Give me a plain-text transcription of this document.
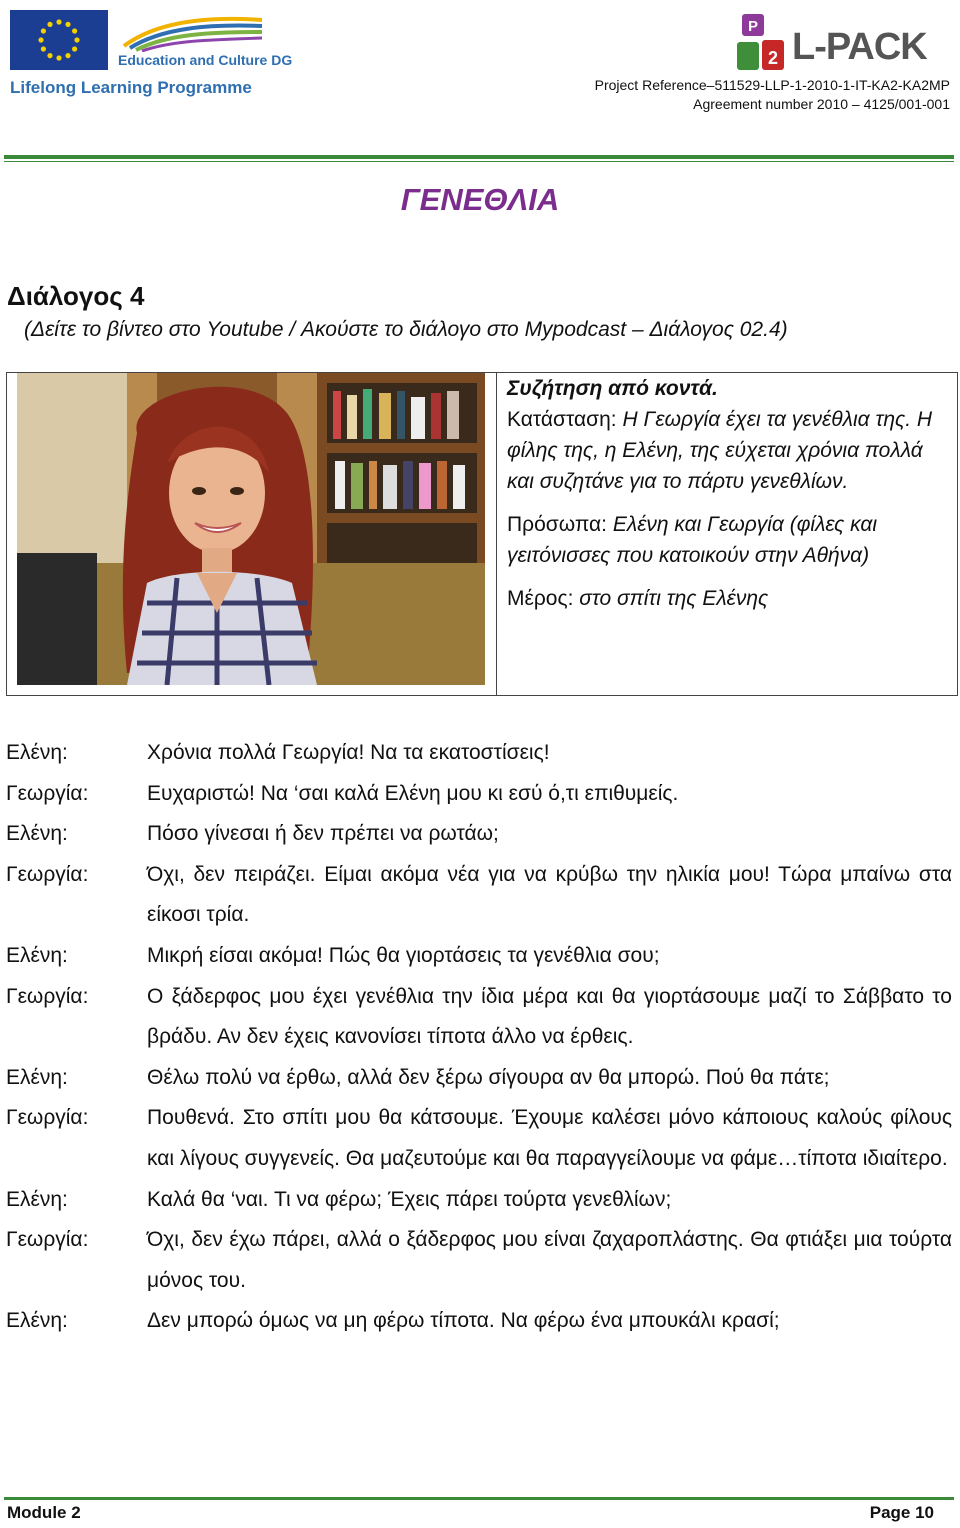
Education and Culture DG
Lifelong Learning Programme
P
2 L-PACK
Project Reference–511529-LLP-1-2010-1-IT-KA2-KA2MP
Agreement number 2010 – 4125/001-001
ΓΕΝΕΘΛΙΑ
Διάλογος 4
(Δείτε το βίντεο στο Youtube / Ακούστε το διάλογο στο Mypodcast – Διάλογος 02.4)

Συζήτηση από κοντά.

Κατάσταση: Η Γεωργία έχει τα γενέθλια της. Η φίλης της, η Ελένη, της εύχεται χρόνια πολλά και συζητάνε για το πάρτυ γενεθλίων.

Πρόσωπα: Ελένη και Γεωργία (φίλες και γειτόνισσες που κατοικούν στην Αθήνα)

Μέρος: στο σπίτι της Ελένης

Ελένη:	Χρόνια πολλά Γεωργία! Να τα εκατοστίσεις!
Γεωργία:	Ευχαριστώ! Να ‘σαι καλά Ελένη μου κι εσύ ό,τι επιθυμείς.
Ελένη:	Πόσο γίνεσαι ή δεν πρέπει να ρωτάω;
Γεωργία:	Όχι, δεν πειράζει. Είμαι ακόμα νέα για να κρύβω την ηλικία μου! Τώρα μπαίνω στα είκοσι τρία.
Ελένη:	Μικρή είσαι ακόμα! Πώς θα γιορτάσεις τα γενέθλια σου;
Γεωργία:	Ο ξάδερφος μου έχει γενέθλια την ίδια μέρα και θα γιορτάσουμε μαζί το Σάββατο το βράδυ. Αν δεν έχεις κανονίσει τίποτα άλλο να έρθεις.
Ελένη:	Θέλω πολύ να έρθω, αλλά δεν ξέρω σίγουρα αν θα μπορώ. Πού θα πάτε;
Γεωργία:	Πουθενά. Στο σπίτι μου θα κάτσουμε. Έχουμε καλέσει μόνο κάποιους καλούς φίλους και λίγους συγγενείς. Θα μαζευτούμε και θα παραγγείλουμε να φάμε…τίποτα ιδιαίτερο.
Ελένη:	Καλά θα ‘ναι. Τι να φέρω; Έχεις πάρει τούρτα γενεθλίων;
Γεωργία:	Όχι, δεν έχω πάρει, αλλά ο ξάδερφος μου είναι ζαχαροπλάστης. Θα φτιάξει μια τούρτα μόνος του.
Ελένη:	Δεν μπορώ όμως να μη φέρω τίποτα. Να φέρω ένα μπουκάλι κρασί;
Module 2	Page 10
